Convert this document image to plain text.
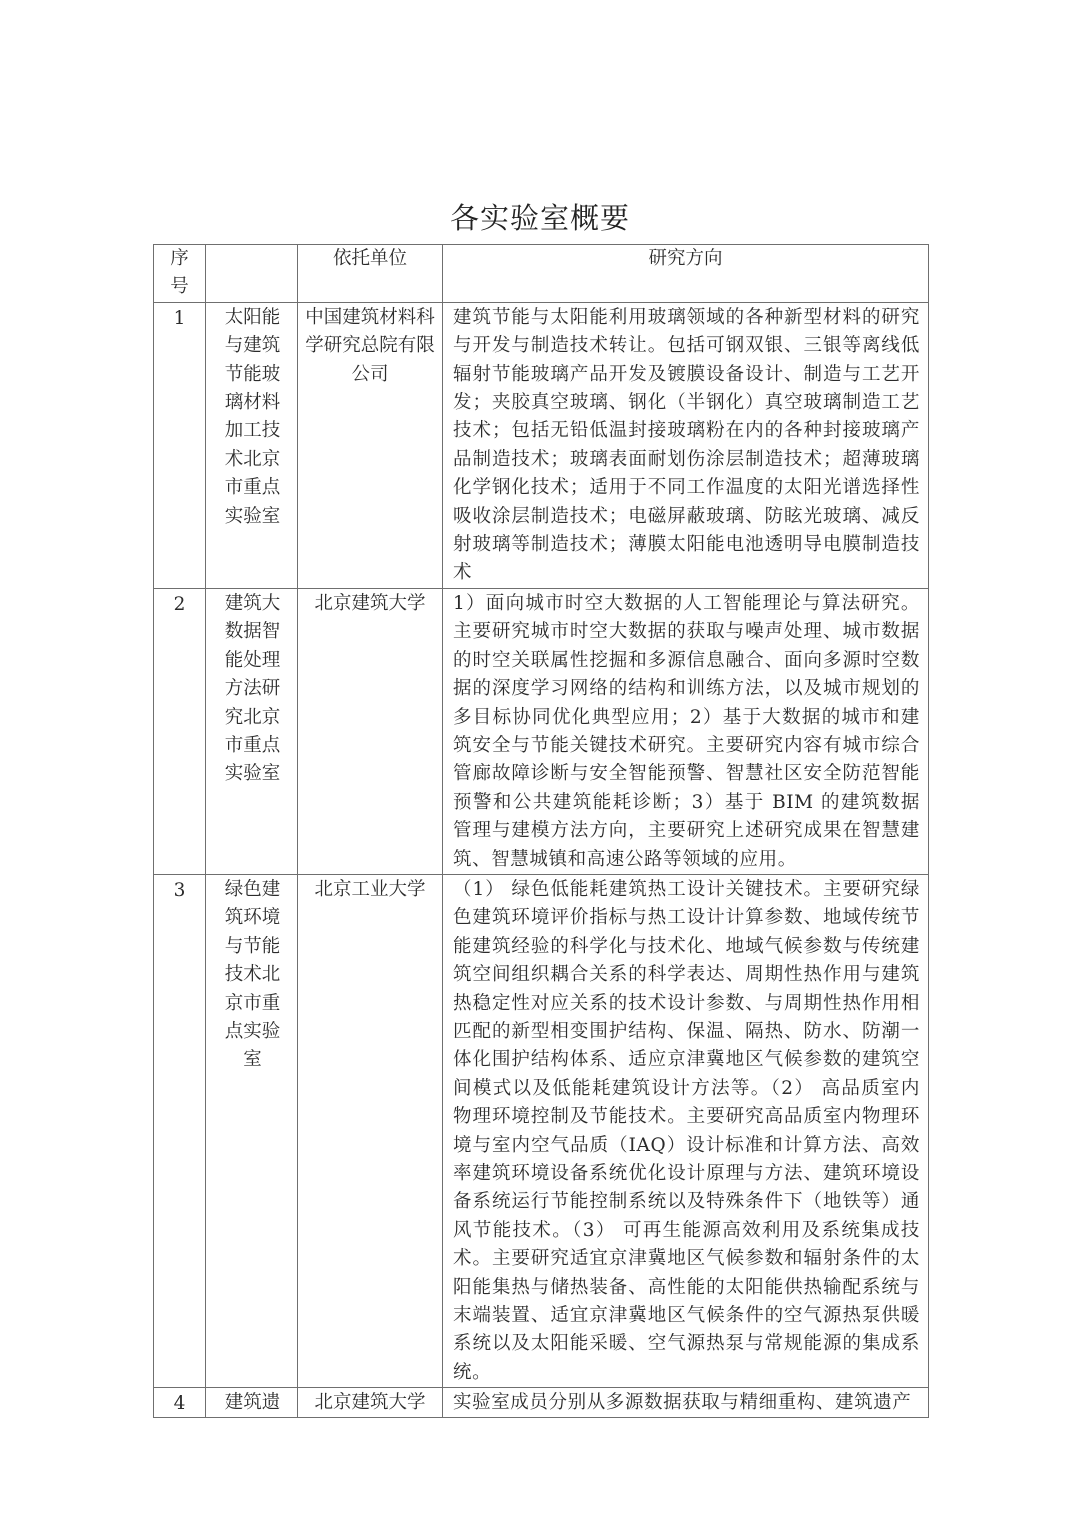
各实验室概要
序号		依托单位	研究方向
1	太阳能与建筑节能玻璃材料加工技术北京市重点实验室	中国建筑材料科学研究总院有限公司	建筑节能与太阳能利用玻璃领域的各种新型材料的研究与开发与制造技术转让。包括可钢双银、三银等离线低辐射节能玻璃产品开发及镀膜设备设计、制造与工艺开发；夹胶真空玻璃、钢化（半钢化）真空玻璃制造工艺技术；包括无铅低温封接玻璃粉在内的各种封接玻璃产品制造技术；玻璃表面耐划伤涂层制造技术；超薄玻璃化学钢化技术；适用于不同工作温度的太阳光谱选择性吸收涂层制造技术；电磁屏蔽玻璃、防眩光玻璃、减反射玻璃等制造技术；薄膜太阳能电池透明导电膜制造技术
2	建筑大数据智能处理方法研究北京市重点实验室	北京建筑大学	1）面向城市时空大数据的人工智能理论与算法研究。主要研究城市时空大数据的获取与噪声处理、城市数据的时空关联属性挖掘和多源信息融合、面向多源时空数据的深度学习网络的结构和训练方法，以及城市规划的多目标协同优化典型应用；2）基于大数据的城市和建筑安全与节能关键技术研究。主要研究内容有城市综合管廊故障诊断与安全智能预警、智慧社区安全防范智能预警和公共建筑能耗诊断；3）基于 BIM 的建筑数据管理与建模方法方向，主要研究上述研究成果在智慧建筑、智慧城镇和高速公路等领域的应用。
3	绿色建筑环境与节能技术北京市重点实验室	北京工业大学	（1） 绿色低能耗建筑热工设计关键技术。主要研究绿色建筑环境评价指标与热工设计计算参数、地域传统节能建筑经验的科学化与技术化、地域气候参数与传统建筑空间组织耦合关系的科学表达、周期性热作用与建筑热稳定性对应关系的技术设计参数、与周期性热作用相匹配的新型相变围护结构、保温、隔热、防水、防潮一体化围护结构体系、适应京津冀地区气候参数的建筑空间模式以及低能耗建筑设计方法等。（2） 高品质室内物理环境控制及节能技术。主要研究高品质室内物理环境与室内空气品质（IAQ）设计标准和计算方法、高效率建筑环境设备系统优化设计原理与方法、建筑环境设备系统运行节能控制系统以及特殊条件下（地铁等）通风节能技术。（3） 可再生能源高效利用及系统集成技术。主要研究适宜京津冀地区气候参数和辐射条件的太阳能集热与储热装备、高性能的太阳能供热输配系统与末端装置、适宜京津冀地区气候条件的空气源热泵供暖系统以及太阳能采暖、空气源热泵与常规能源的集成系统。

4	建筑遗	北京建筑大学	实验室成员分别从多源数据获取与精细重构、建筑遗产
